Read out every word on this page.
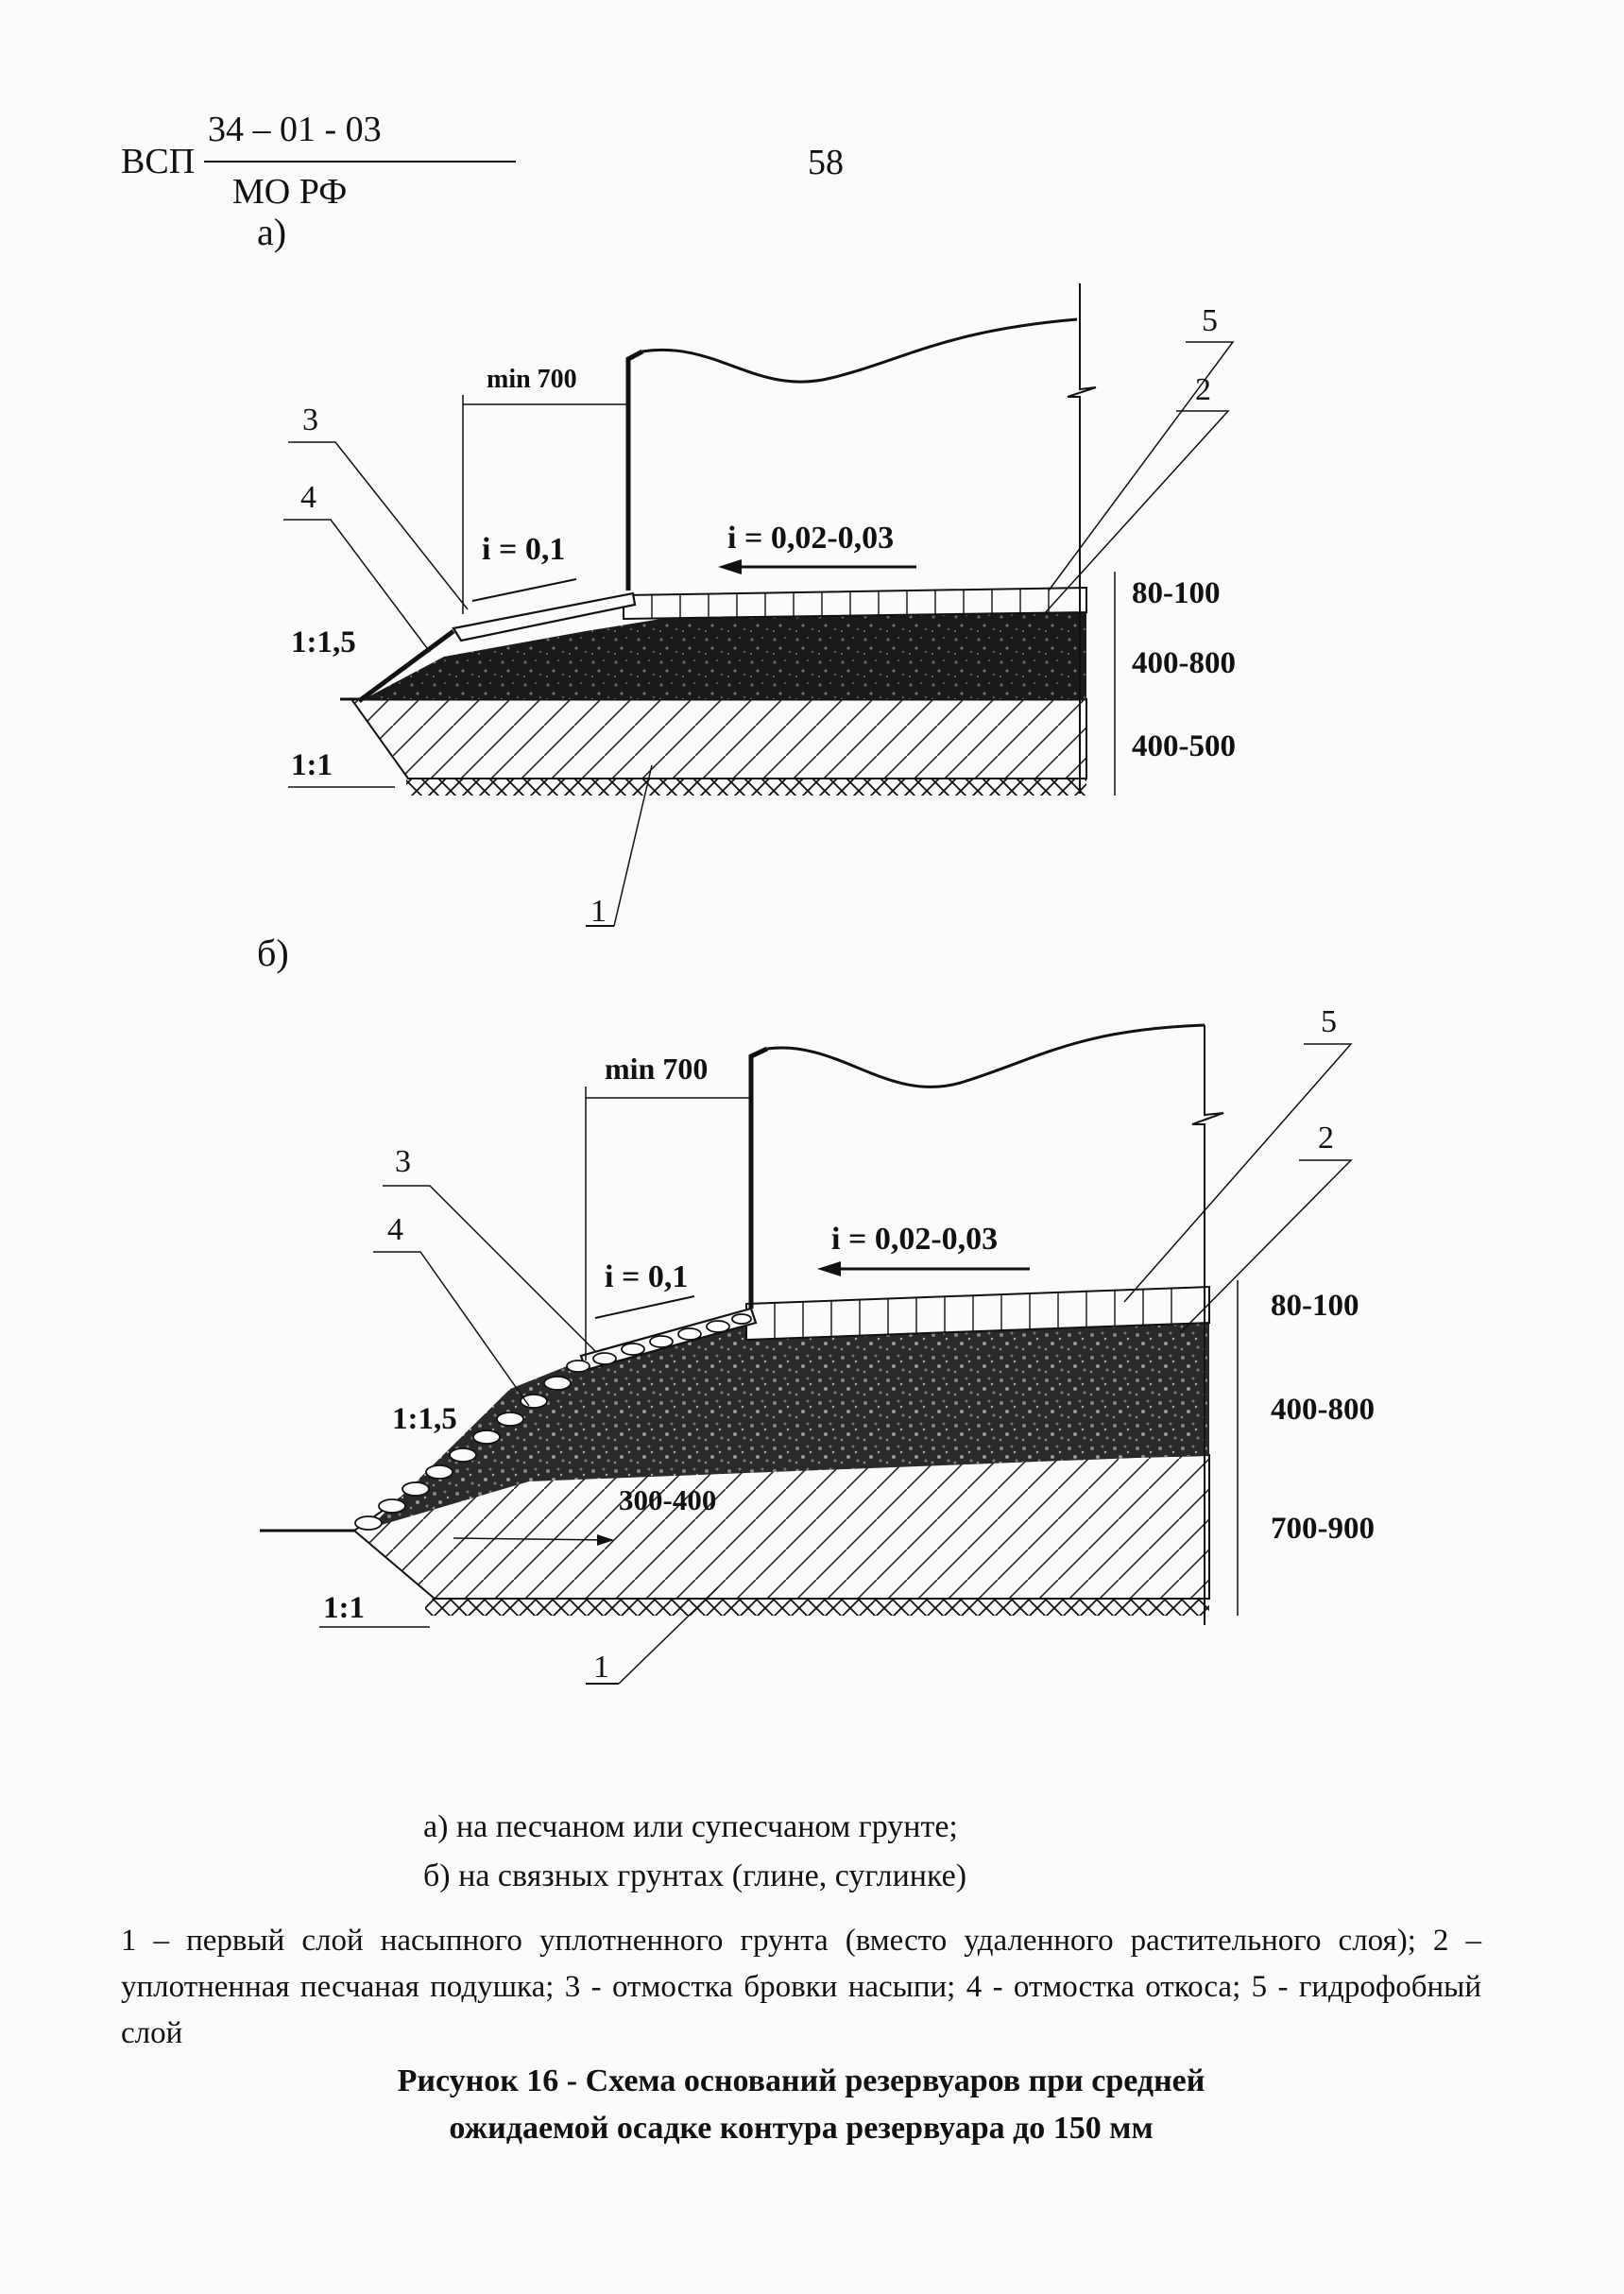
ВСП
34 – 01 - 03
МО РФ
58
а)
б)
min 700
i = 0,1	i = 0,02-0,03
1:1,5
1:1
80-100
400-800
400-500
5
2
3
4
1
min 700
i = 0,1
i = 0,02-0,03
1:1,5
1:1
300-400
80-100
400-800
700-900
5
2
3
4
1
а) на песчаном или супесчаном грунте;
б) на связных грунтах (глине, суглинке)
1 – первый слой насыпного уплотненного грунта (вместо удаленного растительного слоя); 2 – уплотненная песчаная подушка; 3 - отмостка бровки насыпи; 4 - отмостка откоса; 5 - гидрофобный слой
Рисунок 16 - Схема оснований резервуаров при средней
ожидаемой осадке контура резервуара до 150 мм
